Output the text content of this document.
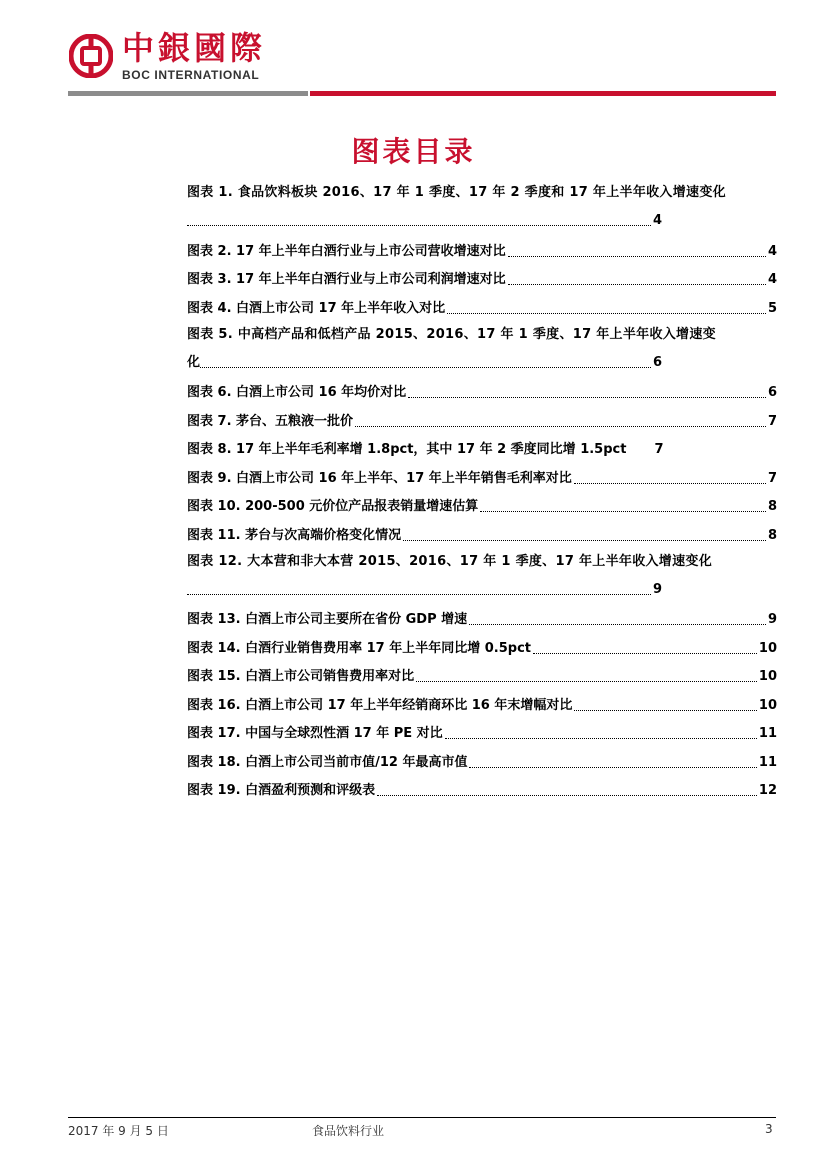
中銀國際
BOC INTERNATIONAL
图表目录
图表 1. 食品饮料板块 2016、17 年 1 季度、17 年 2 季度和 17 年上半年收入增速变化
4
图表 2. 17 年上半年白酒行业与上市公司营收增速对比	4
图表 3. 17 年上半年白酒行业与上市公司利润增速对比	4
图表 4. 白酒上市公司 17 年上半年收入对比	5
图表 5. 中高档产品和低档产品 2015、2016、17 年 1 季度、17 年上半年收入增速变
化	6
图表 6. 白酒上市公司 16 年均价对比	6
图表 7. 茅台、五粮液一批价	7
图表 8. 17 年上半年毛利率增 1.8pct，其中 17 年 2 季度同比增 1.5pct 7
图表 9. 白酒上市公司 16 年上半年、17 年上半年销售毛利率对比	7
图表 10. 200-500 元价位产品报表销量增速估算	8
图表 11. 茅台与次高端价格变化情况	8
图表 12. 大本营和非大本营 2015、2016、17 年 1 季度、17 年上半年收入增速变化
9
图表 13. 白酒上市公司主要所在省份 GDP 增速	9
图表 14. 白酒行业销售费用率 17 年上半年同比增 0.5pct	10
图表 15. 白酒上市公司销售费用率对比	10
图表 16. 白酒上市公司 17 年上半年经销商环比 16 年末增幅对比	10
图表 17. 中国与全球烈性酒 17 年 PE 对比	11
图表 18. 白酒上市公司当前市值/12 年最高市值	11
图表 19. 白酒盈利预测和评级表	12
2017 年 9 月 5 日	食品饮料行业	3
